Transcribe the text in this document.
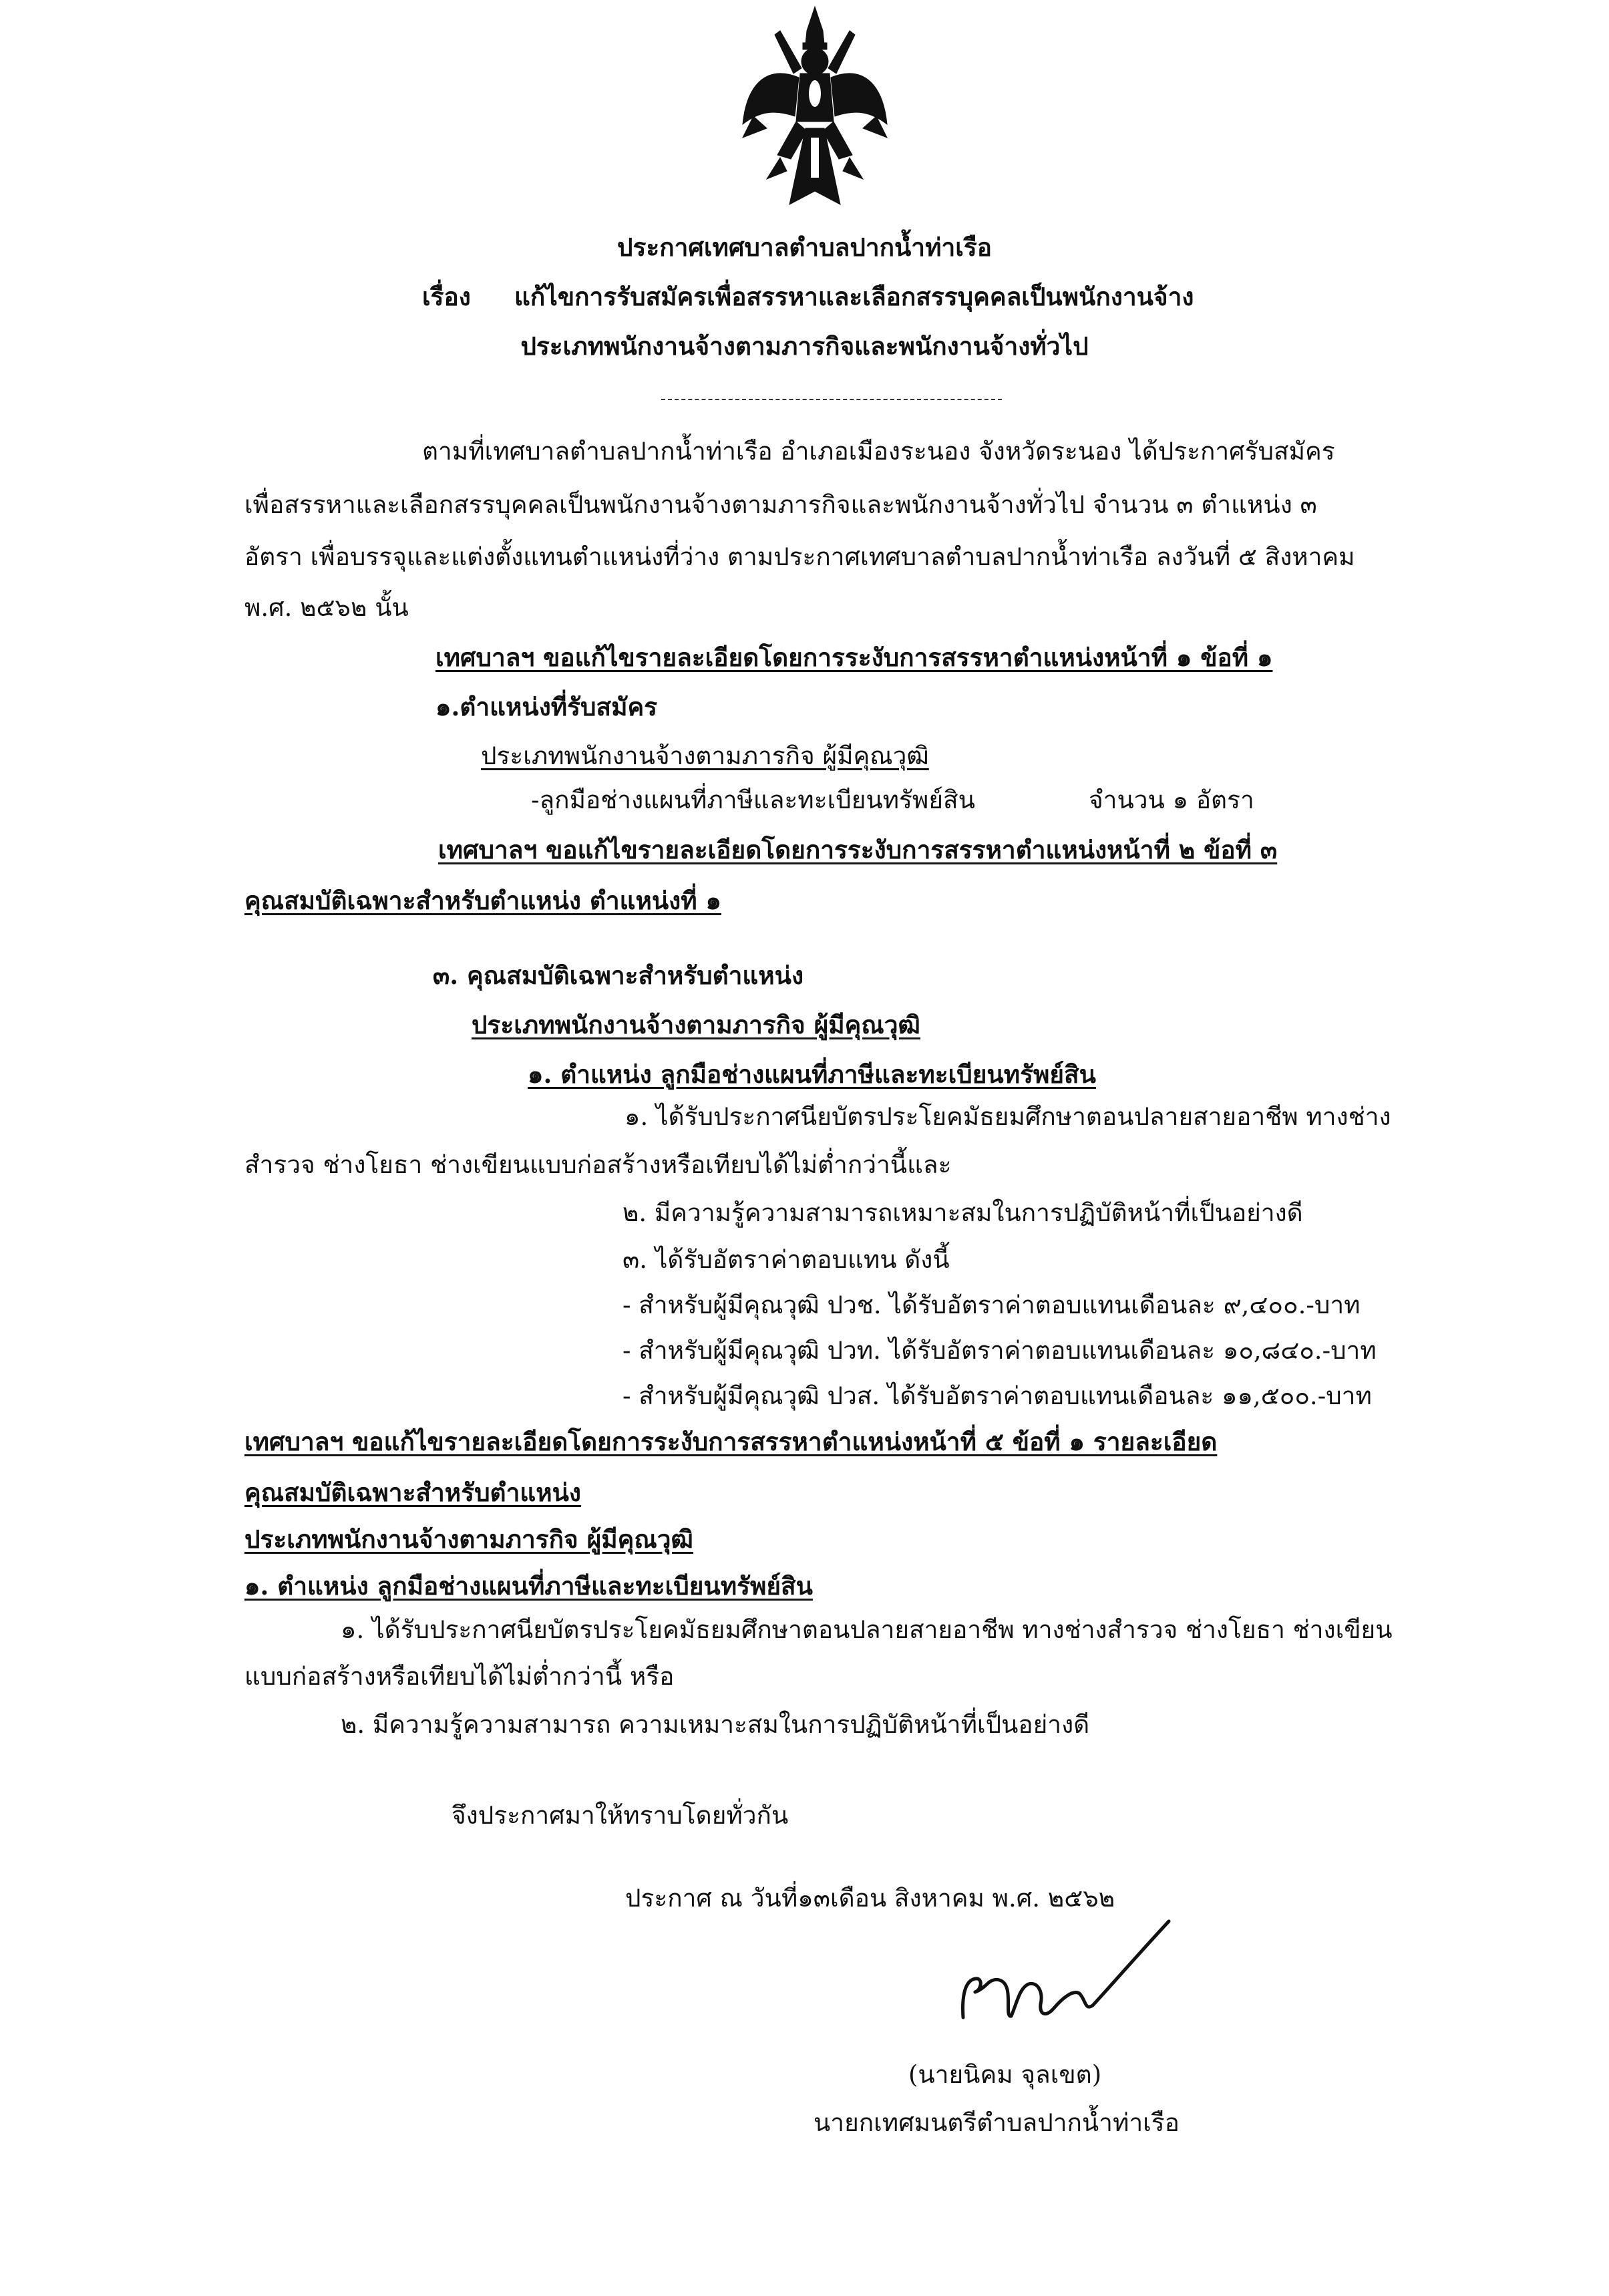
ประกาศเทศบาลตำบลปากน้ำท่าเรือ
เรื่อง แก้ไขการรับสมัครเพื่อสรรหาและเลือกสรรบุคคลเป็นพนักงานจ้าง
ประเภทพนักงานจ้างตามภารกิจและพนักงานจ้างทั่วไป
ตามที่เทศบาลตำบลปากน้ำท่าเรือ อำเภอเมืองระนอง จังหวัดระนอง ได้ประกาศรับสมัคร
เพื่อสรรหาและเลือกสรรบุคคลเป็นพนักงานจ้างตามภารกิจและพนักงานจ้างทั่วไป จำนวน ๓ ตำแหน่ง ๓
อัตรา เพื่อบรรจุและแต่งตั้งแทนตำแหน่งที่ว่าง ตามประกาศเทศบาลตำบลปากน้ำท่าเรือ ลงวันที่ ๕ สิงหาคม
พ.ศ. ๒๕๖๒ นั้น
เทศบาลฯ ขอแก้ไขรายละเอียดโดยการระงับการสรรหาตำแหน่งหน้าที่ ๑ ข้อที่ ๑
๑.ตำแหน่งที่รับสมัคร
ประเภทพนักงานจ้างตามภารกิจ ผู้มีคุณวุฒิ
-ลูกมือช่างแผนที่ภาษีและทะเบียนทรัพย์สิน	จำนวน ๑ อัตรา
เทศบาลฯ ขอแก้ไขรายละเอียดโดยการระงับการสรรหาตำแหน่งหน้าที่ ๒ ข้อที่ ๓
คุณสมบัติเฉพาะสำหรับตำแหน่ง ตำแหน่งที่ ๑
๓. คุณสมบัติเฉพาะสำหรับตำแหน่ง
ประเภทพนักงานจ้างตามภารกิจ ผู้มีคุณวุฒิ
๑. ตำแหน่ง ลูกมือช่างแผนที่ภาษีและทะเบียนทรัพย์สิน
๑. ได้รับประกาศนียบัตรประโยคมัธยมศึกษาตอนปลายสายอาชีพ ทางช่าง
สำรวจ ช่างโยธา ช่างเขียนแบบก่อสร้างหรือเทียบได้ไม่ต่ำกว่านี้และ
๒. มีความรู้ความสามารถเหมาะสมในการปฏิบัติหน้าที่เป็นอย่างดี
๓. ได้รับอัตราค่าตอบแทน ดังนี้
- สำหรับผู้มีคุณวุฒิ ปวช. ได้รับอัตราค่าตอบแทนเดือนละ ๙,๔๐๐.-บาท
- สำหรับผู้มีคุณวุฒิ ปวท. ได้รับอัตราค่าตอบแทนเดือนละ ๑๐,๘๔๐.-บาท
- สำหรับผู้มีคุณวุฒิ ปวส. ได้รับอัตราค่าตอบแทนเดือนละ ๑๑,๕๐๐.-บาท
เทศบาลฯ ขอแก้ไขรายละเอียดโดยการระงับการสรรหาตำแหน่งหน้าที่ ๕ ข้อที่ ๑ รายละเอียด
คุณสมบัติเฉพาะสำหรับตำแหน่ง
ประเภทพนักงานจ้างตามภารกิจ ผู้มีคุณวุฒิ
๑. ตำแหน่ง ลูกมือช่างแผนที่ภาษีและทะเบียนทรัพย์สิน
๑. ได้รับประกาศนียบัตรประโยคมัธยมศึกษาตอนปลายสายอาชีพ ทางช่างสำรวจ ช่างโยธา ช่างเขียน
แบบก่อสร้างหรือเทียบได้ไม่ต่ำกว่านี้ หรือ
๒. มีความรู้ความสามารถ ความเหมาะสมในการปฏิบัติหน้าที่เป็นอย่างดี
จึงประกาศมาให้ทราบโดยทั่วกัน
ประกาศ ณ วันที่๑๓เดือน สิงหาคม พ.ศ. ๒๕๖๒
(นายนิคม จุลเขต)
นายกเทศมนตรีตำบลปากน้ำท่าเรือ
